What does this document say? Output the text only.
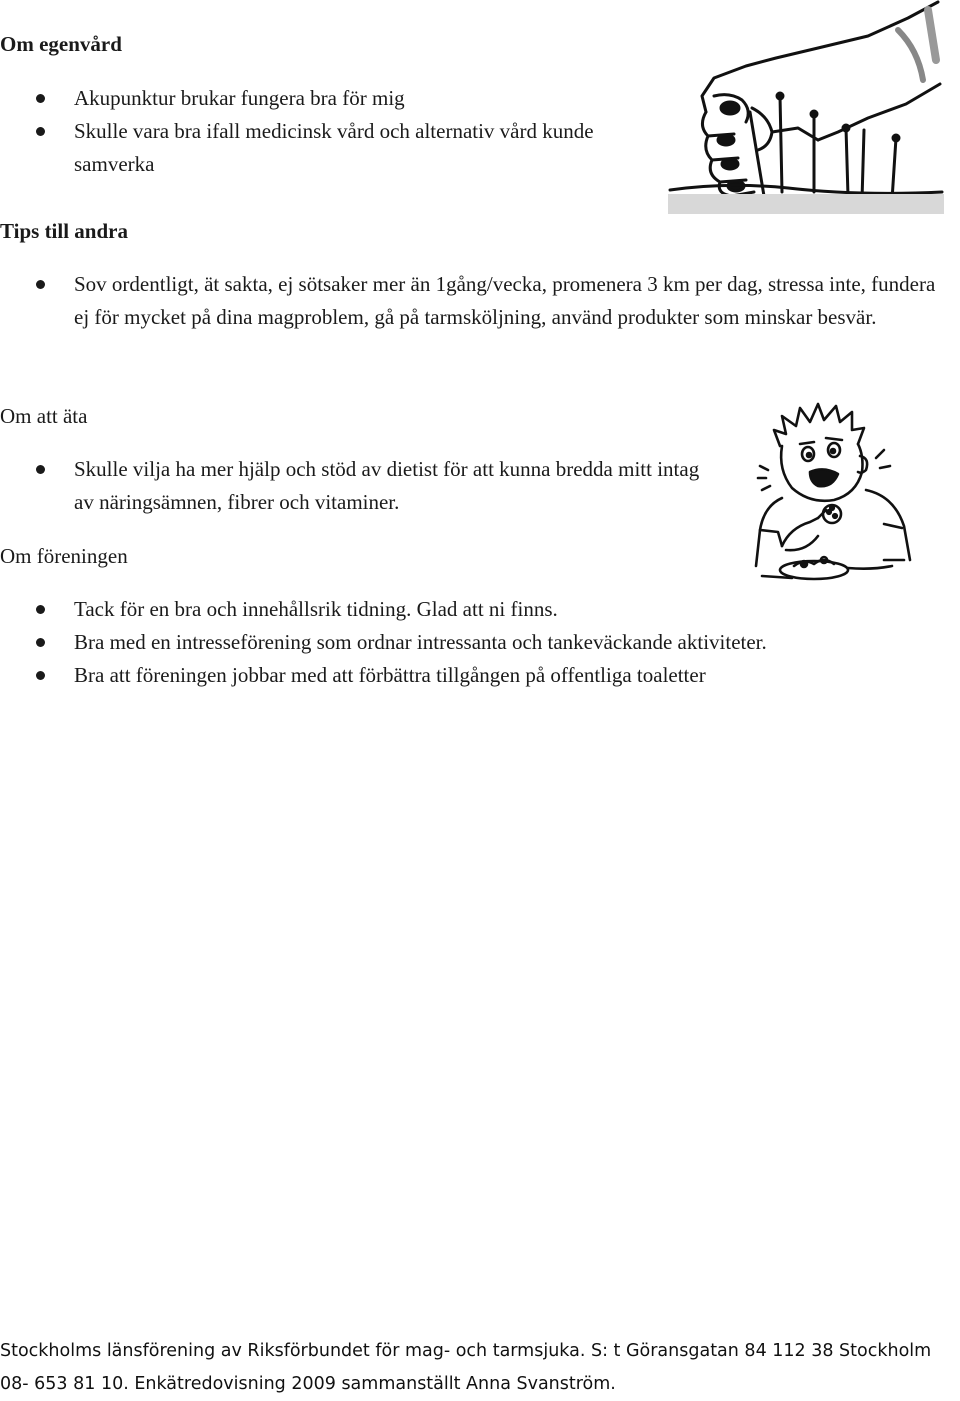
Om egenvård
Akupunktur brukar fungera bra för mig
Skulle vara bra ifall medicinsk vård och alternativ vård kunde samverka
Tips till andra
Sov ordentligt, ät sakta, ej sötsaker mer än 1gång/vecka, promenera 3 km per dag, stressa inte, fundera ej för mycket på dina magproblem, gå på tarmsköljning, använd produkter som minskar besvär.
Om att äta
Skulle vilja ha mer hjälp och stöd av dietist för att kunna bredda mitt intag av näringsämnen, fibrer och vitaminer.
Om föreningen
Tack för en bra och innehållsrik tidning. Glad att ni finns.
Bra med en intresseförening som ordnar intressanta och tankeväckande aktiviteter.
Bra att föreningen jobbar med att förbättra tillgången på offentliga toaletter
Stockholms länsförening av Riksförbundet för mag- och tarmsjuka. S: t Göransgatan 84 112 38 Stockholm
08- 653 81 10. Enkätredovisning 2009 sammanställt Anna Svanström.
